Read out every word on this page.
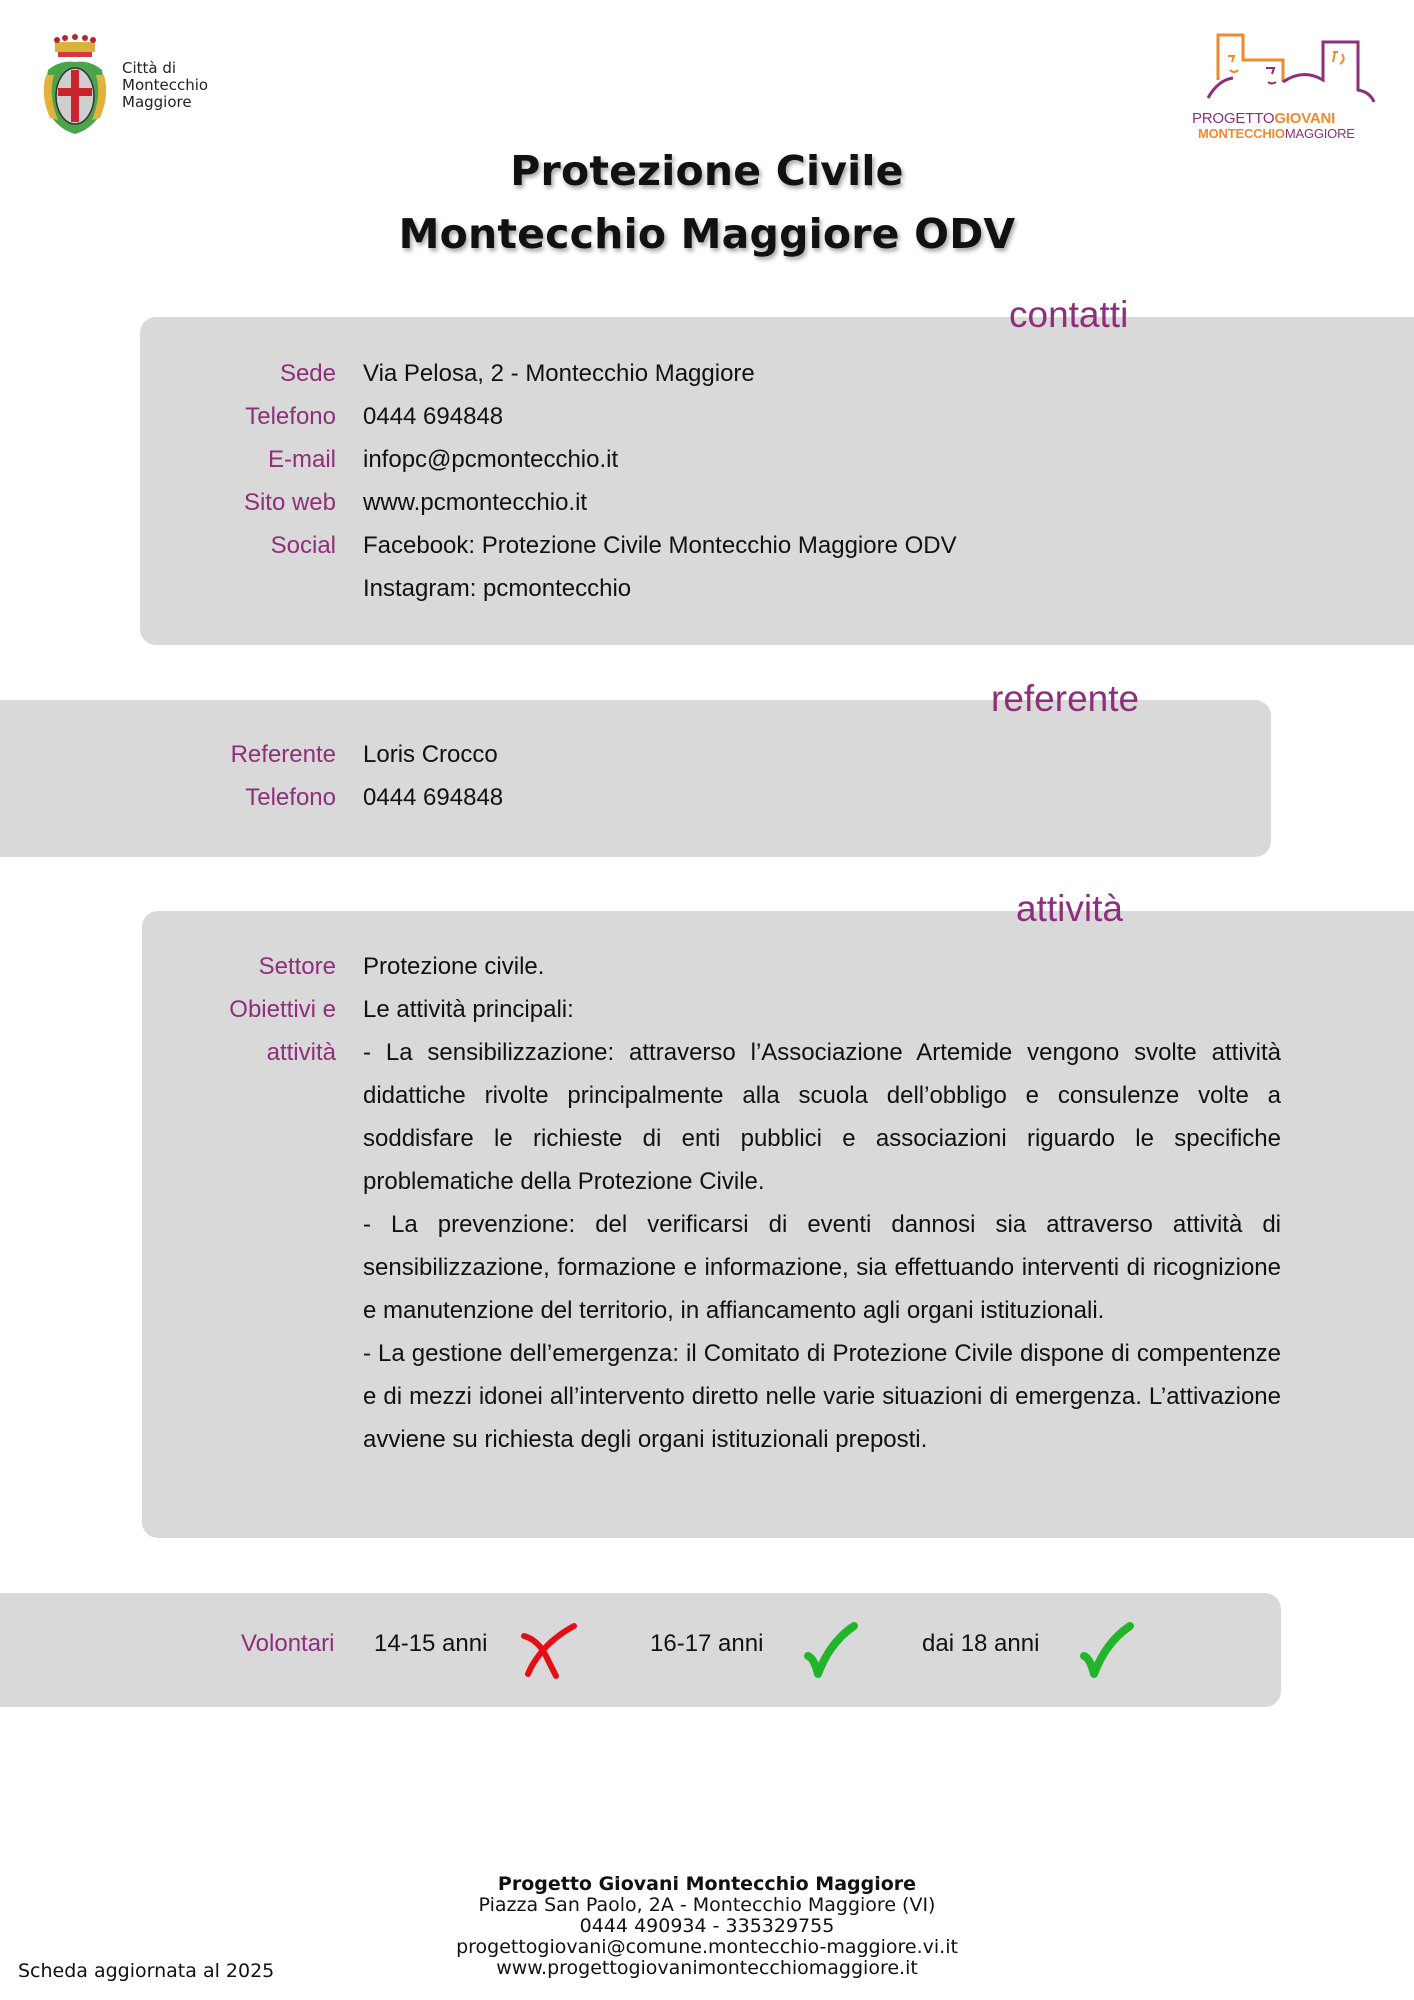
Città di
Montecchio
Maggiore
PROGETTOGIOVANI
MONTECCHIOMAGGIORE
Protezione Civile
Montecchio Maggiore ODV
contatti
Sede Via Pelosa, 2 - Montecchio Maggiore
Telefono 0444 694848
E-mail infopc@pcmontecchio.it
Sito web www.pcmontecchio.it
Social Facebook: Protezione Civile Montecchio Maggiore ODV
Instagram: pcmontecchio
referente
Referente Loris Crocco
Telefono 0444 694848
attività
Settore Protezione civile.
Obiettivi e Le attività principali:
attività - La sensibilizzazione: attraverso l’Associazione Artemide vengono svolte attività didattiche rivolte principalmente alla scuola dell’obbligo e consulenze volte a soddisfare le richieste di enti pubblici e associazioni riguardo le specifiche problematiche della Protezione Civile.

- La prevenzione: del verificarsi di eventi dannosi sia attraverso attività di sensibilizzazione, formazione e informazione, sia effettuando interventi di ricognizione e manutenzione del territorio, in affiancamento agli organi istituzionali.

- La gestione dell’emergenza: il Comitato di Protezione Civile dispone di compentenze e di mezzi idonei all’intervento diretto nelle varie situazioni di emergenza. L’attivazione avviene su richiesta degli organi istituzionali preposti.

Volontari 14-15 anni	16-17 anni	dai 18 anni
Progetto Giovani Montecchio Maggiore
Piazza San Paolo, 2A - Montecchio Maggiore (VI)
0444 490934 - 335329755
progettogiovani@comune.montecchio-maggiore.vi.it
www.progettogiovanimontecchiomaggiore.it
Scheda aggiornata al 2025
